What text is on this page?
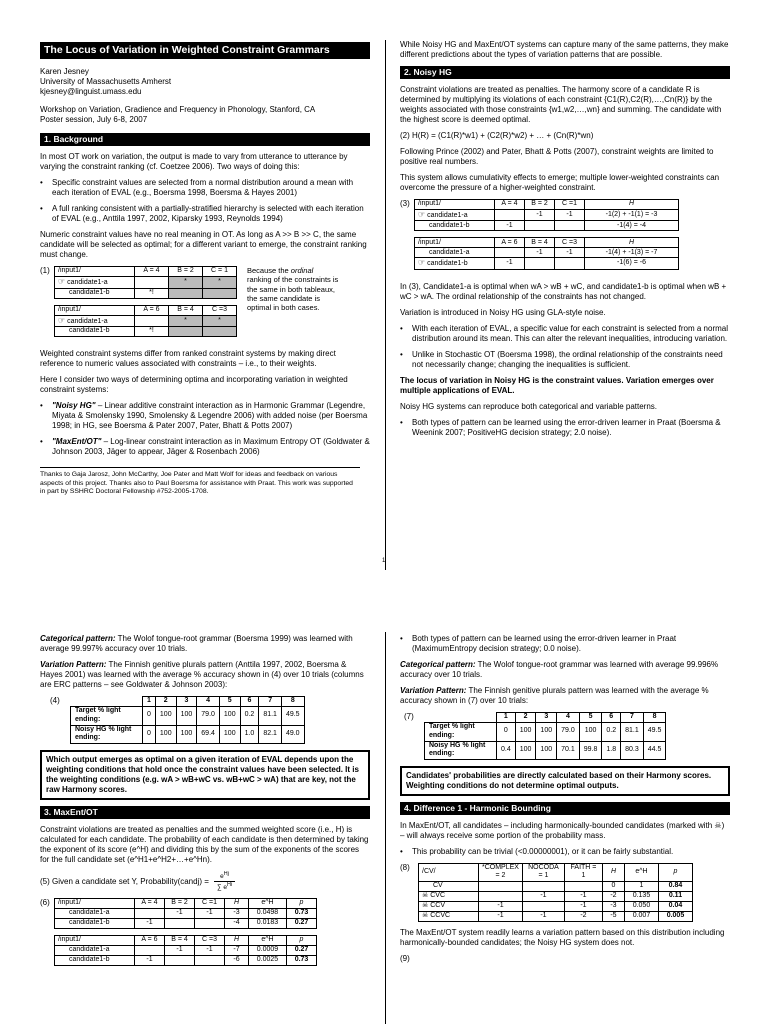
The Locus of Variation in Weighted Constraint Grammars

Karen Jesney

University of Massachusetts Amherst

kjesney@linguist.umass.edu

Workshop on Variation, Gradience and Frequency in Phonology, Stanford, CA

Poster session, July 6-8, 2007

1. Background

In most OT work on variation, the output is made to vary from utterance to utterance by varying the constraint ranking (cf. Coetzee 2006). Two ways of doing this:

• Specific constraint values are selected from a normal distribution around a mean with each iteration of EVAL (e.g., Boersma 1998, Boersma & Hayes 2001)
• A full ranking consistent with a partially-stratified hierarchy is selected with each iteration of EVAL (e.g., Anttila 1997, 2002, Kiparsky 1993, Reynolds 1994)

Numeric constraint values have no real meaning in OT. As long as A >> B >> C, the same candidate will be selected as optimal; for a different variant to emerge, the constraint ranking must change.

(1)	/input1/	A = 4	B = 2	C = 1
☞ candidate1-a		*	*
candidate1-b	*!		
/input1/	A = 6	B = 4	C =3
☞ candidate1-a		*	*
candidate1-b	*!		
Because the ordinal ranking of the constraints is the same in both tableaux, the same candidate is optimal in both cases.

Weighted constraint systems differ from ranked constraint systems by making direct reference to numeric values associated with constraints – i.e., to their weights.

Here I consider two ways of determining optima and incorporating variation in weighted constraint systems:

• "Noisy HG" – Linear additive constraint interaction as in Harmonic Grammar (Legendre, Miyata & Smolensky 1990, Smolensky & Legendre 2006) with added noise (per Boersma 1998; in HG, see Boersma & Pater 2007, Pater, Bhatt & Potts 2007)
• "MaxEnt/OT" – Log-linear constraint interaction as in Maximum Entropy OT (Goldwater & Johnson 2003, Jäger to appear, Jäger & Rosenbach 2006)
Thanks to Gaja Jarosz, John McCarthy, Joe Pater and Matt Wolf for ideas and feedback on various aspects of this project. Thanks also to Paul Boersma for assistance with Praat. This work was supported in part by SSHRC Doctoral Fellowship #752-2005-1708.
1

While Noisy HG and MaxEnt/OT systems can capture many of the same patterns, they make different predictions about the types of variation patterns that are possible.

2. Noisy HG

Constraint violations are treated as penalties. The harmony score of a candidate R is determined by multiplying its violations of each constraint {C1(R),C2(R),…,Cn(R)} by the weights associated with those constraints {w1,w2,…,wn} and summing. The candidate with the highest score is deemed optimal.

(2) H(R) = (C1(R)*w1) + (C2(R)*w2) + … + (Cn(R)*wn)

Following Prince (2002) and Pater, Bhatt & Potts (2007), constraint weights are limited to positive real numbers.

This system allows cumulativity effects to emerge; multiple lower-weighted constraints can overcome the pressure of a higher-weighted constraint.

(3)	/input1/	A = 4	B = 2	C =1	H
☞ candidate1-a		-1	-1	-1(2) + -1(1) = -3
candidate1-b	-1			-1(4) = -4
/input1/	A = 6	B = 4	C =3	H
candidate1-a		-1	-1	-1(4) + -1(3) = -7
☞ candidate1-b	-1			-1(6) = -6

In (3), Candidate1-a is optimal when wA > wB + wC, and candidate1-b is optimal when wB + wC > wA. The ordinal relationship of the constraints has not changed.

Variation is introduced in Noisy HG using GLA-style noise.

• With each iteration of EVAL, a specific value for each constraint is selected from a normal distribution around its mean. This can alter the relevant inequalities, introducing variation.
• Unlike in Stochastic OT (Boersma 1998), the ordinal relationship of the constraints need not necessarily change; changing the inequalities is sufficient.

The locus of variation in Noisy HG is the constraint values. Variation emerges over multiple applications of EVAL.

Noisy HG systems can reproduce both categorical and variable patterns.

• Both types of pattern can be learned using the error-driven learner in Praat (Boersma & Weenink 2007; PositiveHG decision strategy; 2.0 noise).

Categorical pattern: The Wolof tongue-root grammar (Boersma 1999) was learned with average 99.997% accuracy over 10 trials.

Variation Pattern: The Finnish genitive plurals pattern (Anttila 1997, 2002, Boersma & Hayes 2001) was learned with the average % accuracy shown in (4) over 10 trials (columns are ERC patterns – see Goldwater & Johnson 2003):

(4)
		1	2	3	4	5	6	7	8
Target % light ending:	0	100	100	79.0	100	0.2	81.1	49.5
Noisy HG % light ending:	0	100	100	69.4	100	1.0	82.1	49.0
Which output emerges as optimal on a given iteration of EVAL depends upon the weighting conditions that hold once the constraint values have been selected. It is the weighting conditions (e.g. wA > wB+wC vs. wB+wC > wA) that are key, not the raw Harmony scores.
3. MaxEnt/OT

Constraint violations are treated as penalties and the summed weighted score (i.e., H) is calculated for each candidate. The probability of each candidate is then determined by taking the exponent of its score (e^H) and dividing this by the sum of the exponents of the scores for the full candidate set (e^H1+e^H2+…+e^Hn).

(5) Given a candidate set Y, Probability(candj) =
$e^{Hj}$
∑ $e^{Hi}$

(6)	/input1/	A = 4	B = 2	C =1	H	e^H	p
candidate1-a		-1	-1	-3	0.0498	0.73
candidate1-b	-1			-4	0.0183	0.27
/input1/	A = 6	B = 4	C =3	H	e^H	p
candidate1-a		-1	-1	-7	0.0009	0.27
candidate1-b	-1			-6	0.0025	0.73
• Both types of pattern can be learned using the error-driven learner in Praat (MaximumEntropy decision strategy; 0.0 noise).

Categorical pattern: The Wolof tongue-root grammar was learned with average 99.996% accuracy over 10 trials.

Variation Pattern: The Finnish genitive plurals pattern was learned with the average % accuracy shown in (7) over 10 trials:

(7)
		1	2	3	4	5	6	7	8
Target % light ending:	0	100	100	79.0	100	0.2	81.1	49.5
Noisy HG % light ending:	0.4	100	100	70.1	99.8	1.8	80.3	44.5
Candidates' probabilities are directly calculated based on their Harmony scores. Weighting conditions do not determine optimal outputs.
4. Difference 1 - Harmonic Bounding

In MaxEnt/OT, all candidates – including harmonically-bounded candidates (marked with ☠) – will always receive some portion of the probability mass.

• This probability can be trivial (<0.00000001), or it can be fairly substantial.
(8)	/CV/	*COMPLEX = 2	NOCODA = 1	FAITH = 1	H	e^H	p
CV				0	1	0.84
☠ CVC		-1	-1	-2	0.135	0.11
☠ CCV	-1		-1	-3	0.050	0.04
☠ CCVC	-1	-1	-2	-5	0.007	0.005

The MaxEnt/OT system readily learns a variation pattern based on this distribution including harmonically-bounded candidates; the Noisy HG system does not.

(9)
